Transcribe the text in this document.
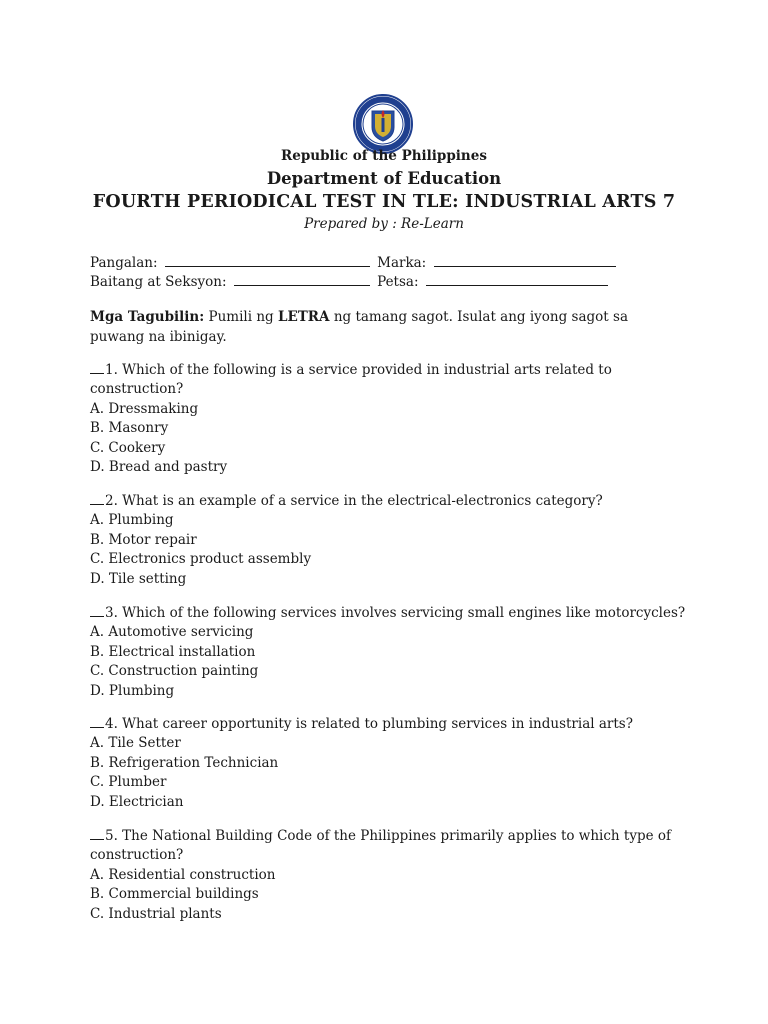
Republic of the Philippines
Department of Education
FOURTH PERIODICAL TEST IN TLE: INDUSTRIAL ARTS 7
Prepared by : Re-Learn
Pangalan:	Marka:
Baitang at Seksyon:	Petsa:
Mga Tagubilin: Pumili ng LETRA ng tamang sagot. Isulat ang iyong sagot sa puwang na ibinigay.
1. Which of the following is a service provided in industrial arts related to construction?
A. Dressmaking
B. Masonry
C. Cookery
D. Bread and pastry
2. What is an example of a service in the electrical-electronics category?
A. Plumbing
B. Motor repair
C. Electronics product assembly
D. Tile setting
3. Which of the following services involves servicing small engines like motorcycles?
A. Automotive servicing
B. Electrical installation
C. Construction painting
D. Plumbing
4. What career opportunity is related to plumbing services in industrial arts?
A. Tile Setter
B. Refrigeration Technician
C. Plumber
D. Electrician
5. The National Building Code of the Philippines primarily applies to which type of construction?
A. Residential construction
B. Commercial buildings
C. Industrial plants
